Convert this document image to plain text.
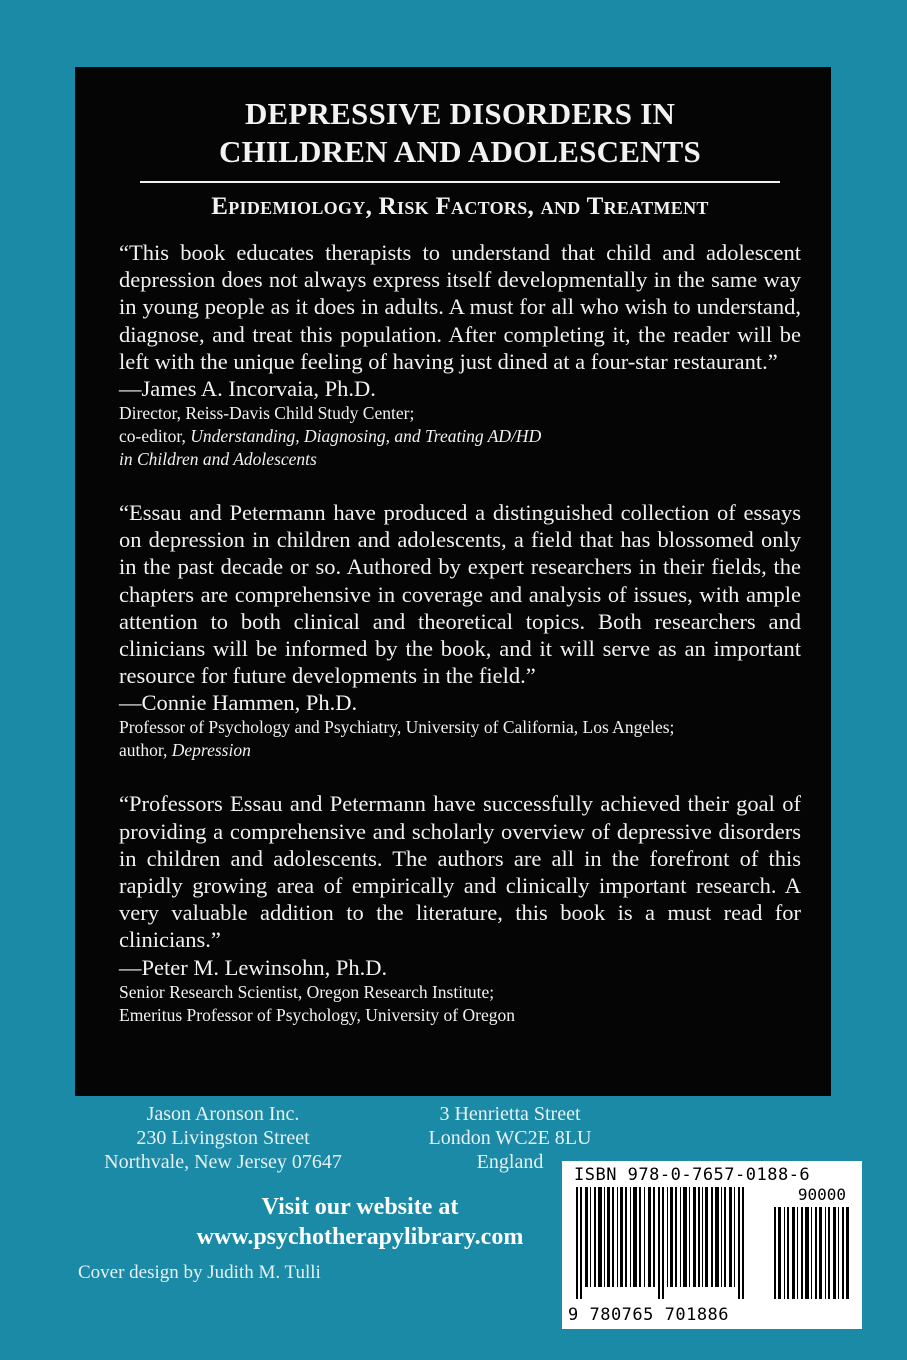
DEPRESSIVE DISORDERS IN
CHILDREN AND ADOLESCENTS
Epidemiology, Risk Factors, and Treatment

“This book educates therapists to understand that child and adolescent depression does not always express itself developmentally in the same way in young people as it does in adults. A must for all who wish to understand, diagnose, and treat this population. After completing it, the reader will be left with the unique feeling of having just dined at a four-star restaurant.”

—James A. Incorvaia, Ph.D.
Director, Reiss-Davis Child Study Center;
co-editor, Understanding, Diagnosing, and Treating AD/HD
in Children and Adolescents

“Essau and Petermann have produced a distinguished collection of essays on depression in children and adolescents, a field that has blossomed only in the past decade or so. Authored by expert researchers in their fields, the chapters are comprehensive in coverage and analysis of issues, with ample attention to both clinical and theoretical topics. Both researchers and clinicians will be informed by the book, and it will serve as an important resource for future developments in the field.”

—Connie Hammen, Ph.D.
Professor of Psychology and Psychiatry, University of California, Los Angeles;
author, Depression

“Professors Essau and Petermann have successfully achieved their goal of providing a comprehensive and scholarly overview of depressive disorders in children and adolescents. The authors are all in the forefront of this rapidly growing area of empirically and clinically important research. A very valuable addition to the literature, this book is a must read for clinicians.”

—Peter M. Lewinsohn, Ph.D.
Senior Research Scientist, Oregon Research Institute;
Emeritus Professor of Psychology, University of Oregon
Jason Aronson Inc.
230 Livingston Street
Northvale, New Jersey 07647
3 Henrietta Street
London WC2E 8LU
England
Visit our website at
www.psychotherapylibrary.com
Cover design by Judith M. Tulli
ISBN 978-0-7657-0188-6
90000
9 780765 701886
